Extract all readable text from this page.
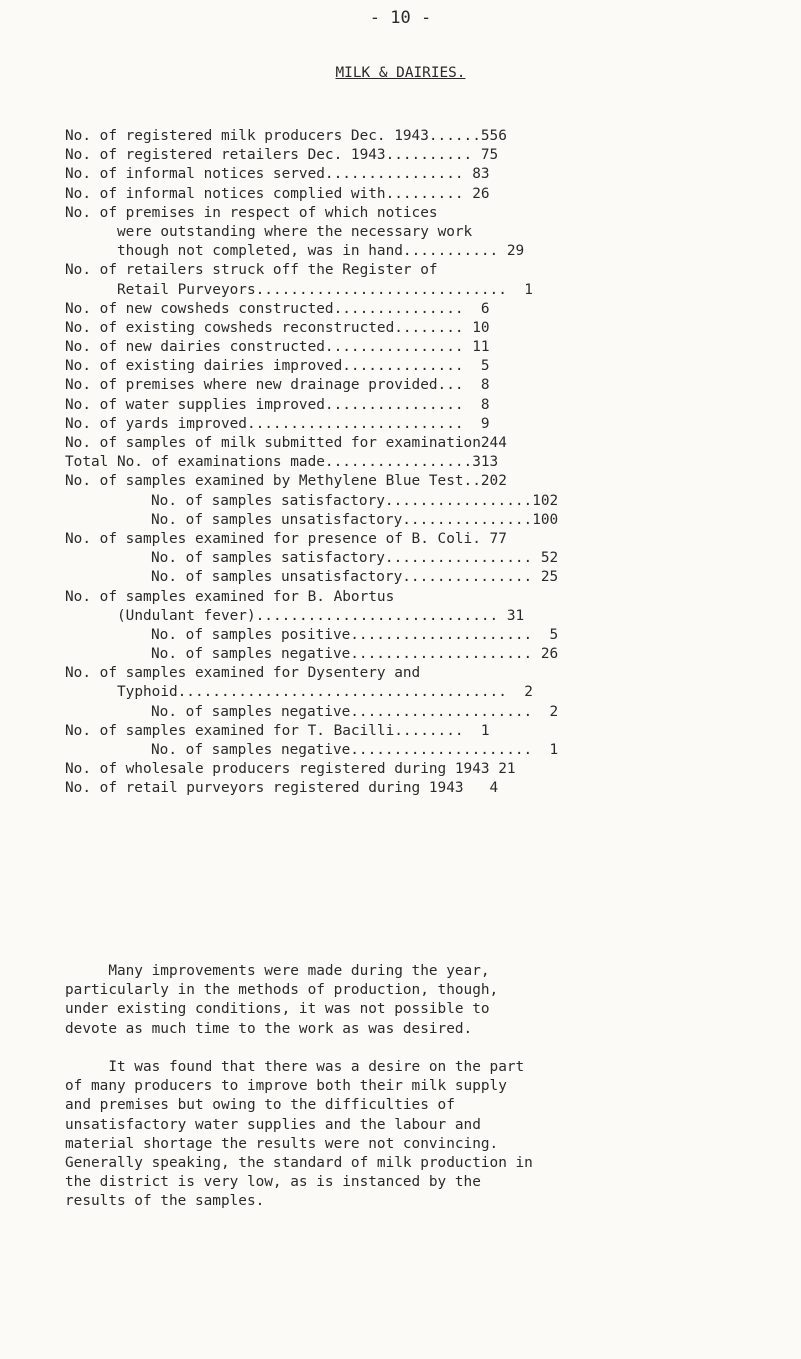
- 10 -
MILK & DAIRIES.
No. of registered milk producers Dec. 1943......556
No. of registered retailers Dec. 1943.......... 75
No. of informal notices served................ 83
No. of informal notices complied with......... 26
No. of premises in respect of which notices
were outstanding where the necessary work
though not completed, was in hand........... 29
No. of retailers struck off the Register of
Retail Purveyors.............................  1
No. of new cowsheds constructed...............  6
No. of existing cowsheds reconstructed........ 10
No. of new dairies constructed................ 11
No. of existing dairies improved..............  5
No. of premises where new drainage provided...  8
No. of water supplies improved................  8
No. of yards improved.........................  9
No. of samples of milk submitted for examination244
Total No. of examinations made.................313
No. of samples examined by Methylene Blue Test..202
No. of samples satisfactory.................102
No. of samples unsatisfactory...............100
No. of samples examined for presence of B. Coli. 77
No. of samples satisfactory................. 52
No. of samples unsatisfactory............... 25
No. of samples examined for B. Abortus
(Undulant fever)............................ 31
No. of samples positive.....................  5
No. of samples negative..................... 26
No. of samples examined for Dysentery and
Typhoid......................................  2
No. of samples negative.....................  2
No. of samples examined for T. Bacilli........  1
No. of samples negative.....................  1
No. of wholesale producers registered during 1943 21
No. of retail purveyors registered during 1943   4
Many improvements were made during the year,
particularly in the methods of production, though,
under existing conditions, it was not possible to
devote as much time to the work as was desired.
It was found that there was a desire on the part
of many producers to improve both their milk supply
and premises but owing to the difficulties of
unsatisfactory water supplies and the labour and
material shortage the results were not convincing.
Generally speaking, the standard of milk production in
the district is very low, as is instanced by the
results of the samples.
